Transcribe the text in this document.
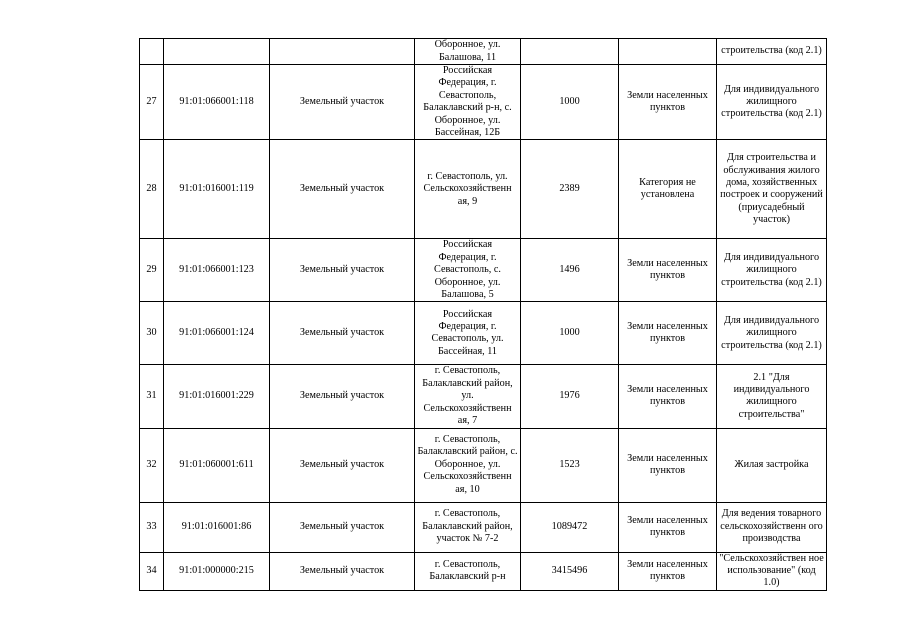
			Оборонное, ул. Балашова, 11			строительства (код 2.1)
27	91:01:066001:118	Земельный участок	Российская Федерация, г. Севастополь, Балаклавский р-н, с. Оборонное, ул. Бассейная, 12Б	1000	Земли населенных пунктов	Для индивидуального жилищного строительства (код 2.1)
28	91:01:016001:119	Земельный участок	г. Севастополь, ул. Сельскохозяйственн ая, 9	2389	Категория не установлена	Для строительства и обслуживания жилого дома, хозяйственных построек и сооружений (приусадебный участок)
29	91:01:066001:123	Земельный участок	Российская Федерация, г. Севастополь, с. Оборонное, ул. Балашова, 5	1496	Земли населенных пунктов	Для индивидуального жилищного строительства (код 2.1)
30	91:01:066001:124	Земельный участок	Российская Федерация, г. Севастополь, ул. Бассейная, 11	1000	Земли населенных пунктов	Для индивидуального жилищного строительства (код 2.1)
31	91:01:016001:229	Земельный участок	г. Севастополь, Балаклавский район, ул. Сельскохозяйственн ая, 7	1976	Земли населенных пунктов	2.1 "Для индивидуального жилищного строительства"
32	91:01:060001:611	Земельный участок	г. Севастополь, Балаклавский район, с. Оборонное, ул. Сельскохозяйственн ая, 10	1523	Земли населенных пунктов	Жилая застройка
33	91:01:016001:86	Земельный участок	г. Севастополь, Балаклавский район, участок № 7-2	1089472	Земли населенных пунктов	Для ведения товарного сельскохозяйственн ого производства
34	91:01:000000:215	Земельный участок	г. Севастополь, Балаклавский р-н	3415496	Земли населенных пунктов	"Сельскохозяйствен ное использование" (код 1.0)
